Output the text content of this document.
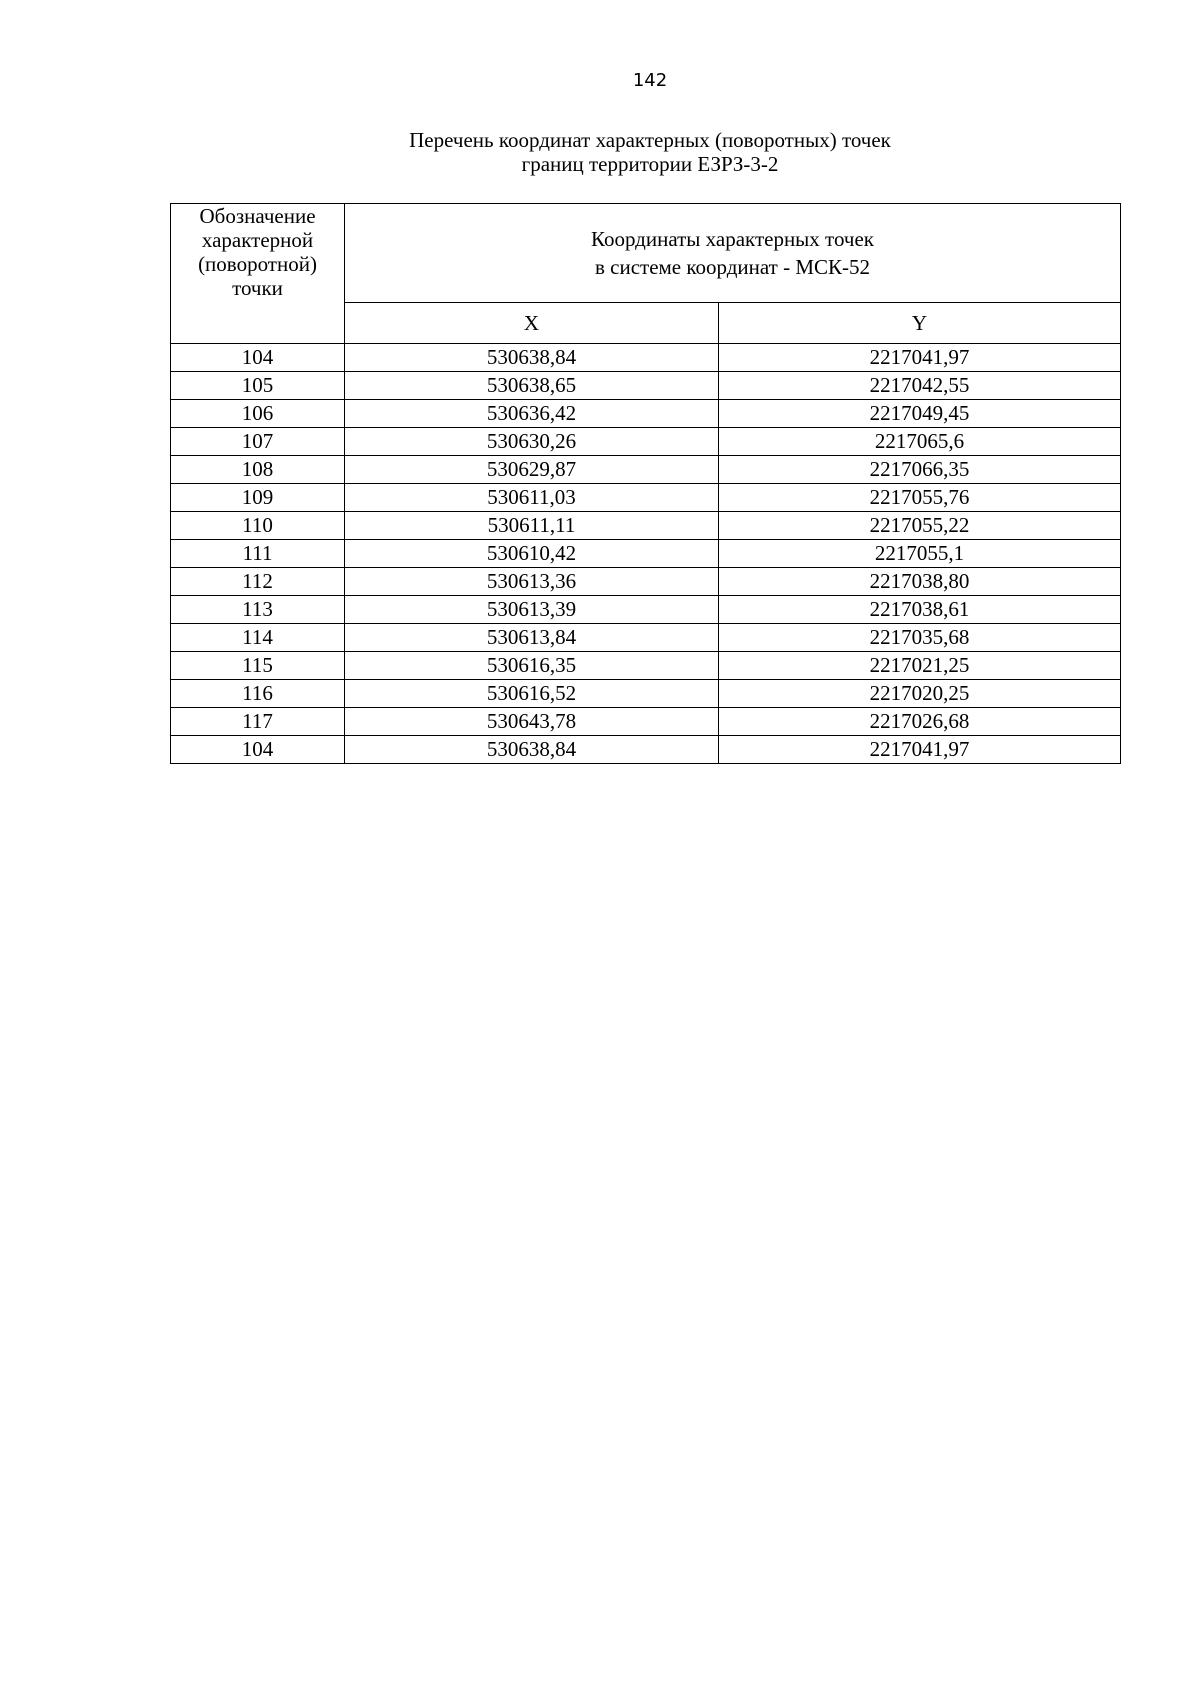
142
Перечень координат характерных (поворотных) точек
границ территории ЕЗРЗ-3-2
Обозначение
характерной
(поворотной)
точки	Координаты характерных точек
в системе координат - МСК-52	

	X	Y
104	530638,84	2217041,97
105	530638,65	2217042,55
106	530636,42	2217049,45
107	530630,26	2217065,6
108	530629,87	2217066,35
109	530611,03	2217055,76
110	530611,11	2217055,22
111	530610,42	2217055,1
112	530613,36	2217038,80
113	530613,39	2217038,61
114	530613,84	2217035,68
115	530616,35	2217021,25
116	530616,52	2217020,25
117	530643,78	2217026,68
104	530638,84	2217041,97
